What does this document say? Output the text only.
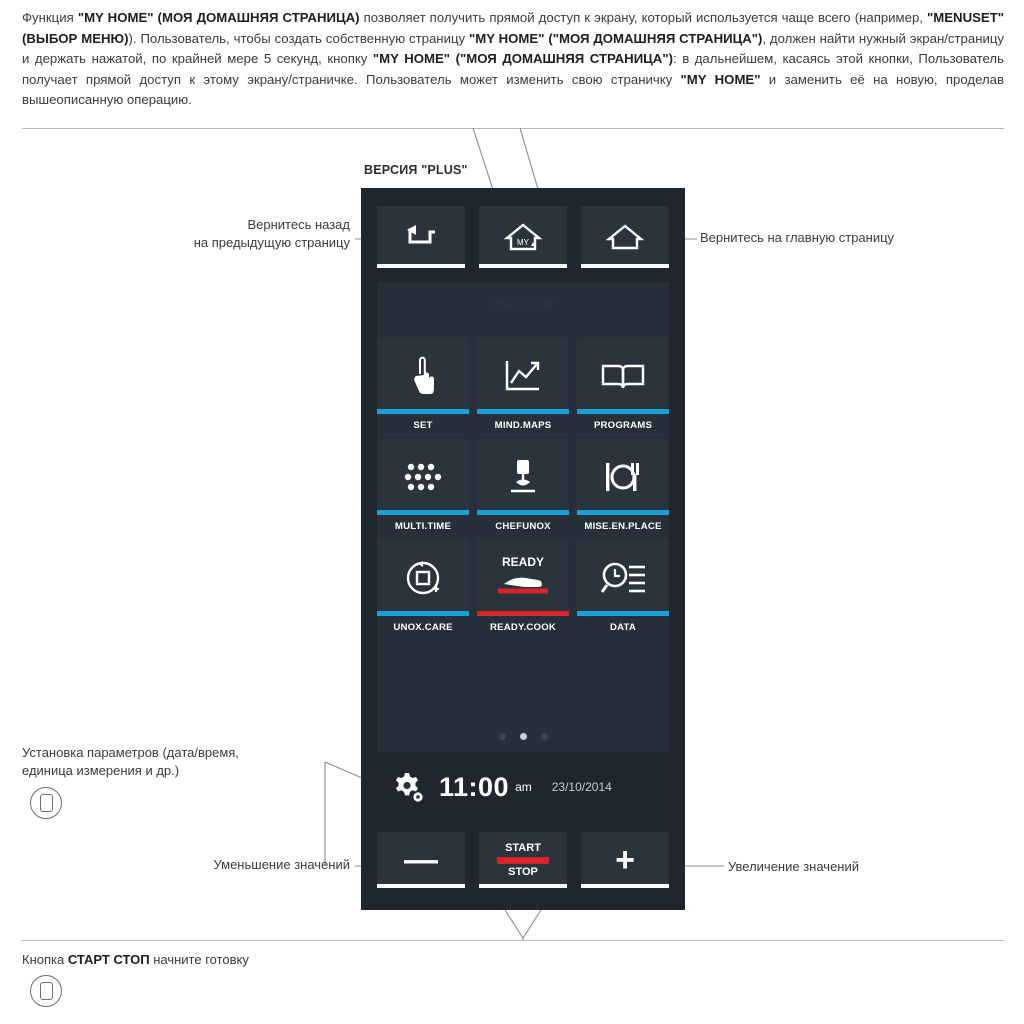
Функция "MY HOME" (МОЯ ДОМАШНЯЯ СТРАНИЦА) позволяет получить прямой доступ к экрану, который используется чаще всего (например, "MENUSET" (ВЫБОР МЕНЮ)). Пользователь, чтобы создать собственную страницу "MY HOME" ("МОЯ ДОМАШНЯЯ СТРАНИЦА"), должен найти нужный экран/страницу и держать нажатой, по крайней мере 5 секунд, кнопку "MY HOME" ("МОЯ ДОМАШНЯЯ СТРАНИЦА"): в дальнейшем, касаясь этой кнопки, Пользователь получает прямой доступ к этому экрану/страничке. Пользователь может изменить свою страничку "MY HOME" и заменить её на новую, проделав вышеописанную операцию.
ВЕРСИЯ "PLUS"
MY
UNOX.COM
SET	MIND.MAPS	PROGRAMS
MULTI.TIME	CHEFUNOX	MISE.EN.PLACE
UNOX.CARE
READY
READY.COOK	DATA
11:00 am 23/10/2014
—	START
STOP	+
Вернитесь назад
на предыдущую страницу	Вернитесь на главную страницу
Установка параметров (дата/время,
единица измерения и др.)
Уменьшение значений	Увеличение значений
Кнопка СТАРТ СТОП начните готовку
